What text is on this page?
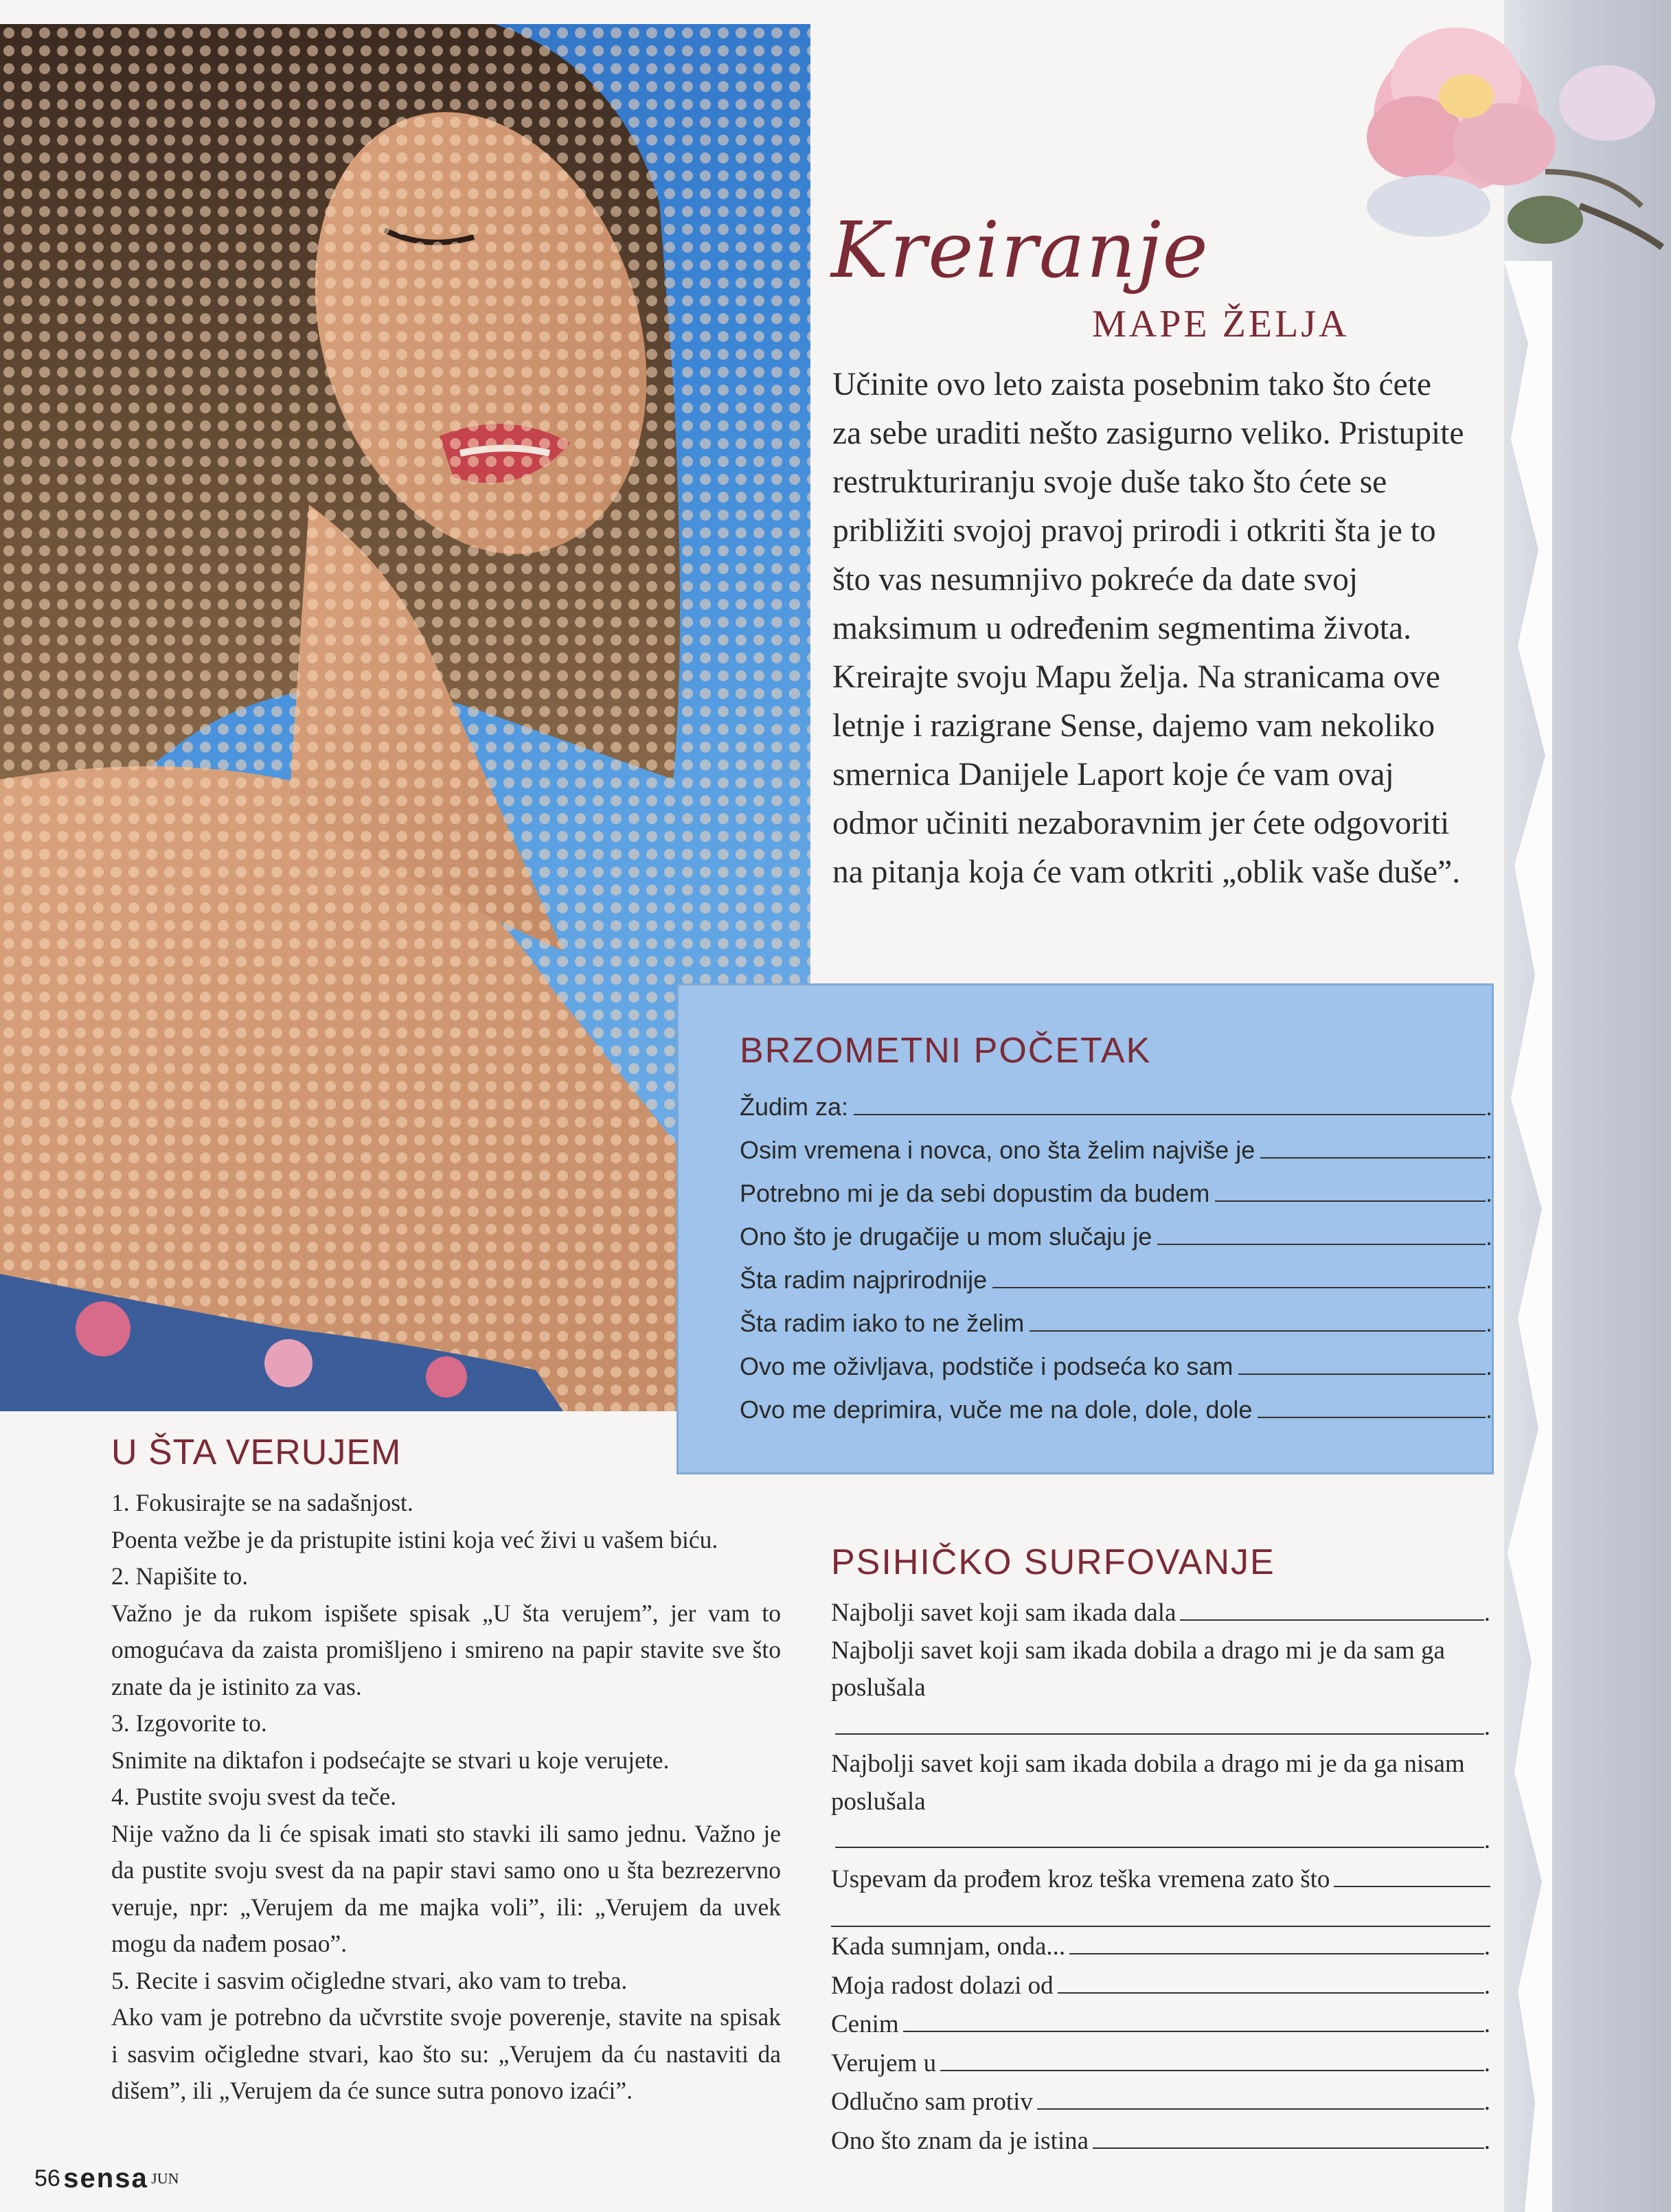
Kreiranje
MAPE ŽELJA
Učinite ovo leto zaista posebnim tako što ćete za sebe uraditi nešto zasigurno veliko. Pristupite restrukturiranju svoje duše tako što ćete se približiti svojoj pravoj prirodi i otkriti šta je to što vas nesumnjivo pokreće da date svoj maksimum u određenim segmentima života. Kreirajte svoju Mapu želja. Na stranicama ove letnje i razigrane Sense, dajemo vam nekoliko smernica Danijele Laport koje će vam ovaj odmor učiniti nezaboravnim jer ćete odgovoriti na pitanja koja će vam otkriti „oblik vaše duše”.
BRZOMETNI POČETAK
Žudim za:	.
Osim vremena i novca, ono šta želim najviše je	.
Potrebno mi je da sebi dopustim da budem	.
Ono što je drugačije u mom slučaju je	.
Šta radim najprirodnije	.
Šta radim iako to ne želim	.
Ovo me oživljava, podstiče i podseća ko sam	.
Ovo me deprimira, vuče me na dole, dole, dole	.
U ŠTA VERUJEM

1. Fokusirajte se na sadašnjost.

Poenta vežbe je da pristupite istini koja već živi u vašem biću.

2. Napišite to.

Važno je da rukom ispišete spisak „U šta verujem”, jer vam to omogućava da zaista promišljeno i smireno na papir stavite sve što znate da je istinito za vas.

3. Izgovorite to.

Snimite na diktafon i podsećajte se stvari u koje verujete.

4. Pustite svoju svest da teče.

Nije važno da li će spisak imati sto stavki ili samo jednu. Važno je da pustite svoju svest da na papir stavi samo ono u šta bezrezervno veruje, npr: „Verujem da me majka voli”, ili: „Verujem da uvek mogu da nađem posao”.

5. Recite i sasvim očigledne stvari, ako vam to treba.

Ako vam je potrebno da učvrstite svoje poverenje, stavite na spisak i sasvim očigledne stvari, kao što su: „Verujem da ću nastaviti da dišem”, ili „Verujem da će sunce sutra ponovo izaći”.

PSIHIČKO SURFOVANJE
Najbolji savet koji sam ikada dala	.
Najbolji savet koji sam ikada dobila a drago mi je da sam ga poslušala
.
Najbolji savet koji sam ikada dobila a drago mi je da ga nisam poslušala
.
Uspevam da prođem kroz teška vremena zato što
Kada sumnjam, onda...	.
Moja radost dolazi od	.
Cenim	.
Verujem u	.
Odlučno sam protiv	.
Ono što znam da je istina	.
56 sensa JUN
